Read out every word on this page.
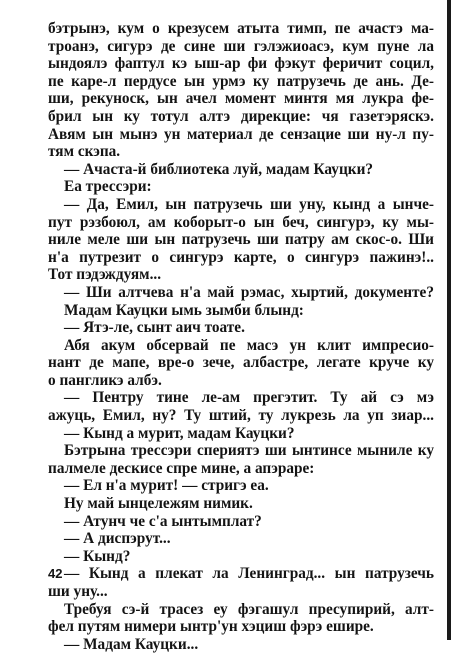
бэтрынэ, кум о крезусем атыта тимп, пе ачастэ ма-
троанэ, сигурэ де сине ши гэлэжиоасэ, кум пуне ла
ындоялэ фаптул кэ ыш-ар фи фэкут феричит социл,
пе каре-л пердусе ын урмэ ку патрузечь де ань. Де-
ши, рекуноск, ын ачел момент минтя мя лукра фе-
брил ын ку тотул алтэ дирекцие: чя газетэряскэ.
Авям ын мынэ ун материал де сензацие ши ну-л пу-
тям скэпа.
— Ачаста-й библиотека луй, мадам Кауцки?
Еа трессэри:
— Да, Емил, ын патрузечь ши уну, кынд а ынче-
пут рэзбоюл, ам коборыт-о ын беч, сингурэ, ку мы-
ниле меле ши ын патрузечь ши патру ам скос-о. Ши
н'а путрезит о сингурэ карте, о сингурэ пажинэ!..
Тот пэдэждуям...
— Ши алтчева н'а май рэмас, хыртий, документе?
Мадам Кауцки ымь зымби блынд:
— Ятэ-ле, сынт аич тоате.
Абя акум обсервай пе масэ ун клит импресио-
нант де мапе, вре-о зече, албастре, легате круче ку
о пангликэ албэ.
— Пентру тине ле-ам прегэтит. Ту ай сэ мэ
ажуць, Емил, ну? Ту штий, ту лукрезь ла уп зиар...
— Кынд а мурит, мадам Кауцки?
Бэтрына трессэри спериятэ ши ынтинсе мыниле ку
палмеле дескисе спре мине, а апэраре:
— Ел н'а мурит! — стригэ еа.
Ну май ынцележям нимик.
— Атунч че с'а ынтымплат?
— А диспэрут...
— Кынд?
— Кынд а плекат ла Ленинград... ын патрузечь
ши уну...
Требуя сэ-й трасез еу фэгашул пресупирий, алт-
фел путям нимери ынтр'ун хэциш фэрэ ешире.
— Мадам Кауцки...
42
